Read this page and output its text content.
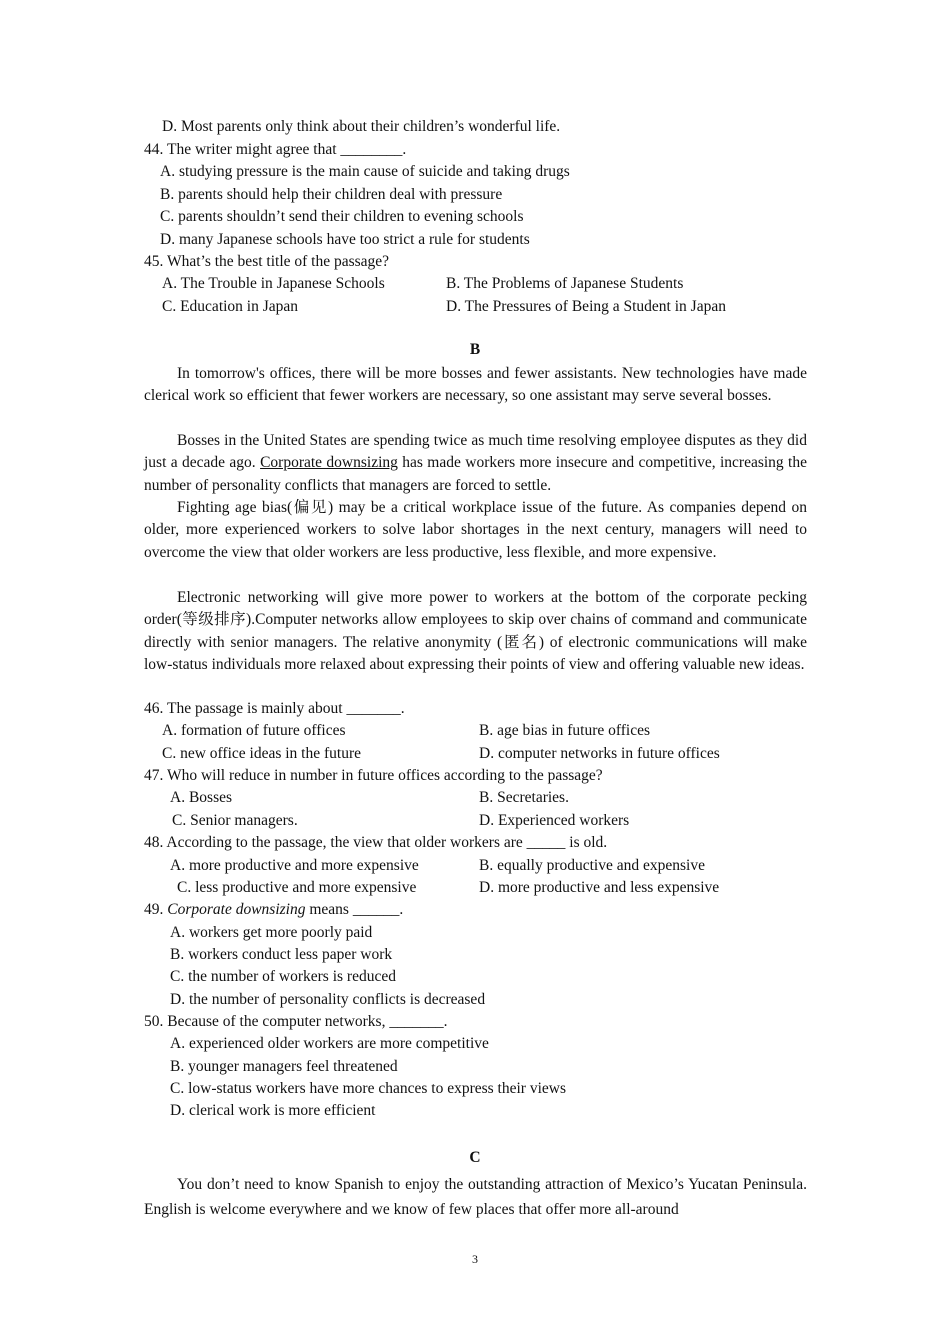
D. Most parents only think about their children’s wonderful life.
44. The writer might agree that ________.
A. studying pressure is the main cause of suicide and taking drugs
B. parents should help their children deal with pressure
C. parents shouldn’t send their children to evening schools
D. many Japanese schools have too strict a rule for students
45. What’s the best title of the passage?
A. The Trouble in Japanese Schools	B. The Problems of Japanese Students
C. Education in Japan	D. The Pressures of Being a Student in Japan
B
In tomorrow's offices, there will be more bosses and fewer assistants. New technologies have made clerical work so efficient that fewer workers are necessary, so one assistant may serve several bosses.
Bosses in the United States are spending twice as much time resolving employee disputes as they did just a decade ago. Corporate downsizing has made workers more insecure and competitive, increasing the number of personality conflicts that managers are forced to settle.
Fighting age bias(偏见) may be a critical workplace issue of the future. As companies depend on older, more experienced workers to solve labor shortages in the next century, managers will need to overcome the view that older workers are less productive, less flexible, and more expensive.
Electronic networking will give more power to workers at the bottom of the corporate pecking order(等级排序).Computer networks allow employees to skip over chains of command and communicate directly with senior managers. The relative anonymity (匿名) of electronic communications will make low-status individuals more relaxed about expressing their points of view and offering valuable new ideas.
46. The passage is mainly about _______.
A. formation of future offices	B. age bias in future offices
C. new office ideas in the future	D. computer networks in future offices
47. Who will reduce in number in future offices according to the passage?
A. Bosses	B. Secretaries.
C. Senior managers.	D. Experienced workers
48. According to the passage, the view that older workers are _____ is old.
A. more productive and more expensive	B. equally productive and expensive
C. less productive and more expensive	D. more productive and less expensive
49. Corporate downsizing means ______.
A. workers get more poorly paid
B. workers conduct less paper work
C. the number of workers is reduced
D. the number of personality conflicts is decreased
50. Because of the computer networks, _______.
A. experienced older workers are more competitive
B. younger managers feel threatened
C. low-status workers have more chances to express their views
D. clerical work is more efficient
C
You don’t need to know Spanish to enjoy the outstanding attraction of Mexico’s Yucatan Peninsula. English is welcome everywhere and we know of few places that offer more all-around
3
